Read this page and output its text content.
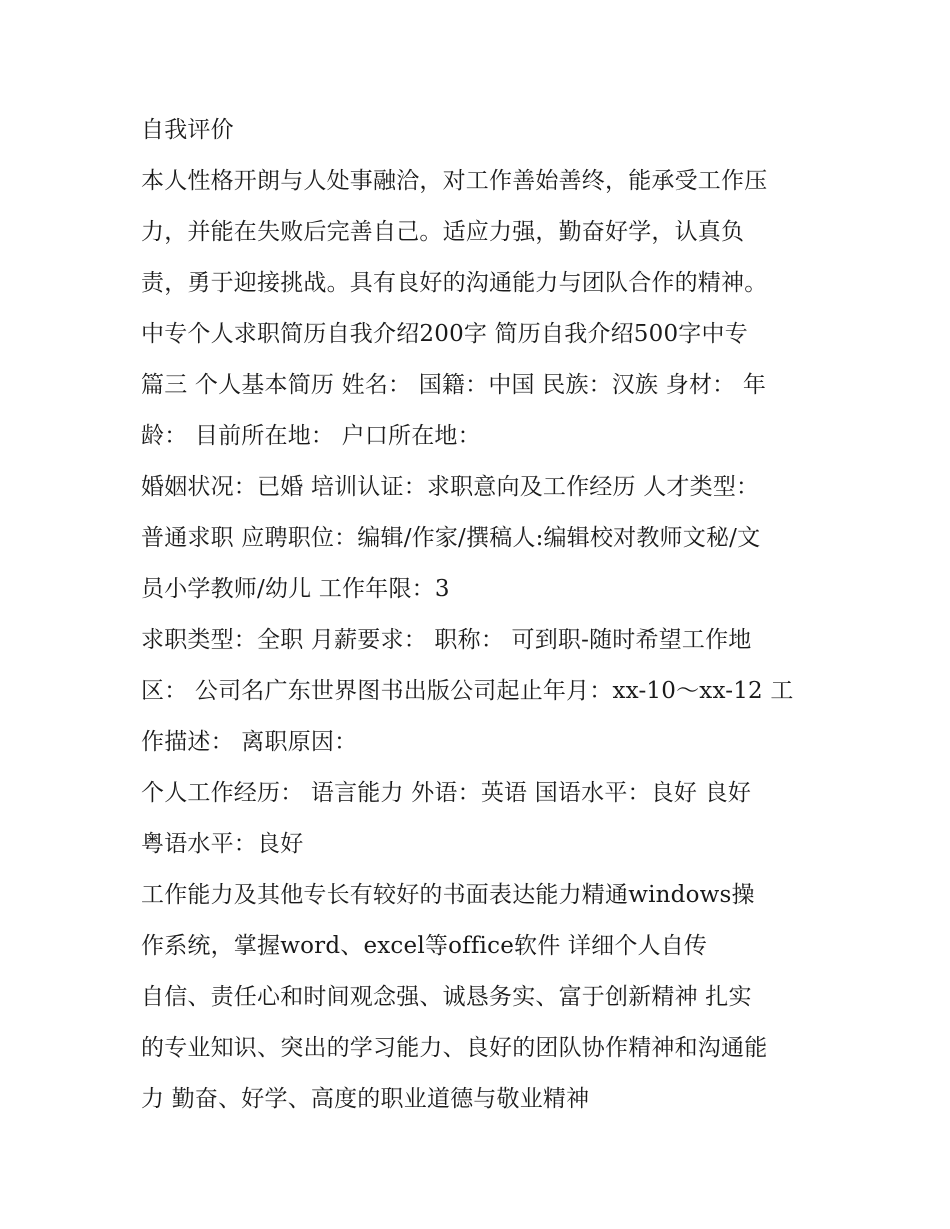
自我评价
本人性格开朗与人处事融洽，对工作善始善终，能承受工作压
力，并能在失败后完善自己。适应力强，勤奋好学，认真负
责，勇于迎接挑战。具有良好的沟通能力与团队合作的精神。
中专个人求职简历自我介绍200字 简历自我介绍500字中专
篇三 个人基本简历 姓名： 国籍：中国 民族：汉族 身材： 年
龄： 目前所在地： 户口所在地：
婚姻状况：已婚 培训认证：求职意向及工作经历 人才类型：
普通求职 应聘职位：编辑/作家/撰稿人:编辑校对教师文秘/文
员小学教师/幼儿 工作年限：3
求职类型：全职 月薪要求： 职称： 可到职-随时希望工作地
区： 公司名广东世界图书出版公司起止年月：xx-10～xx-12 工
作描述： 离职原因：
个人工作经历： 语言能力 外语：英语 国语水平：良好 良好
粤语水平：良好
工作能力及其他专长有较好的书面表达能力精通windows操
作系统，掌握word、excel等office软件 详细个人自传
自信、责任心和时间观念强、诚恳务实、富于创新精神 扎实
的专业知识、突出的学习能力、良好的团队协作精神和沟通能
力 勤奋、好学、高度的职业道德与敬业精神
